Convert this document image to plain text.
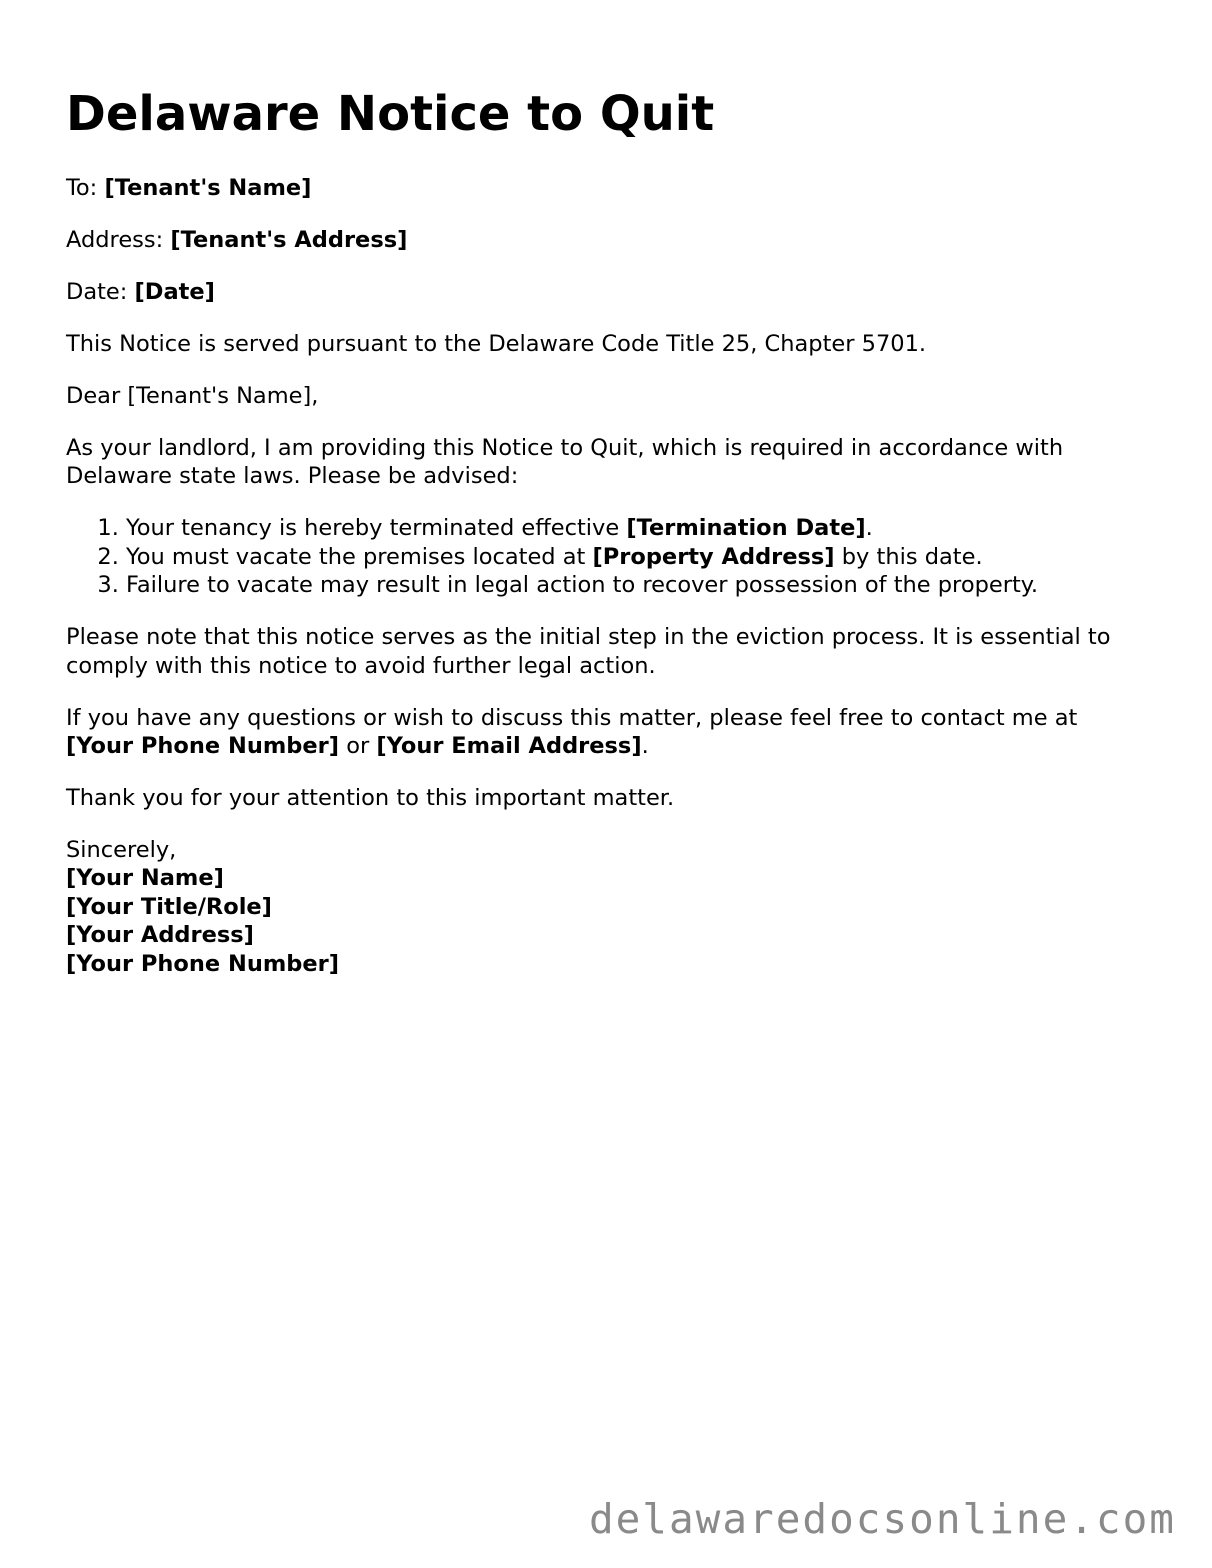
Delaware Notice to Quit

To: [Tenant's Name]

Address: [Tenant's Address]

Date: [Date]

This Notice is served pursuant to the Delaware Code Title 25, Chapter 5701.

Dear [Tenant's Name],

As your landlord, I am providing this Notice to Quit, which is required in accordance with Delaware state laws. Please be advised:

1. Your tenancy is hereby terminated effective [Termination Date].
2. You must vacate the premises located at [Property Address] by this date.
3. Failure to vacate may result in legal action to recover possession of the property.

Please note that this notice serves as the initial step in the eviction process. It is essential to comply with this notice to avoid further legal action.

If you have any questions or wish to discuss this matter, please feel free to contact me at [Your Phone Number] or [Your Email Address].

Thank you for your attention to this important matter.

Sincerely,
[Your Name]
[Your Title/Role]
[Your Address]
[Your Phone Number]
delawaredocsonline.com
